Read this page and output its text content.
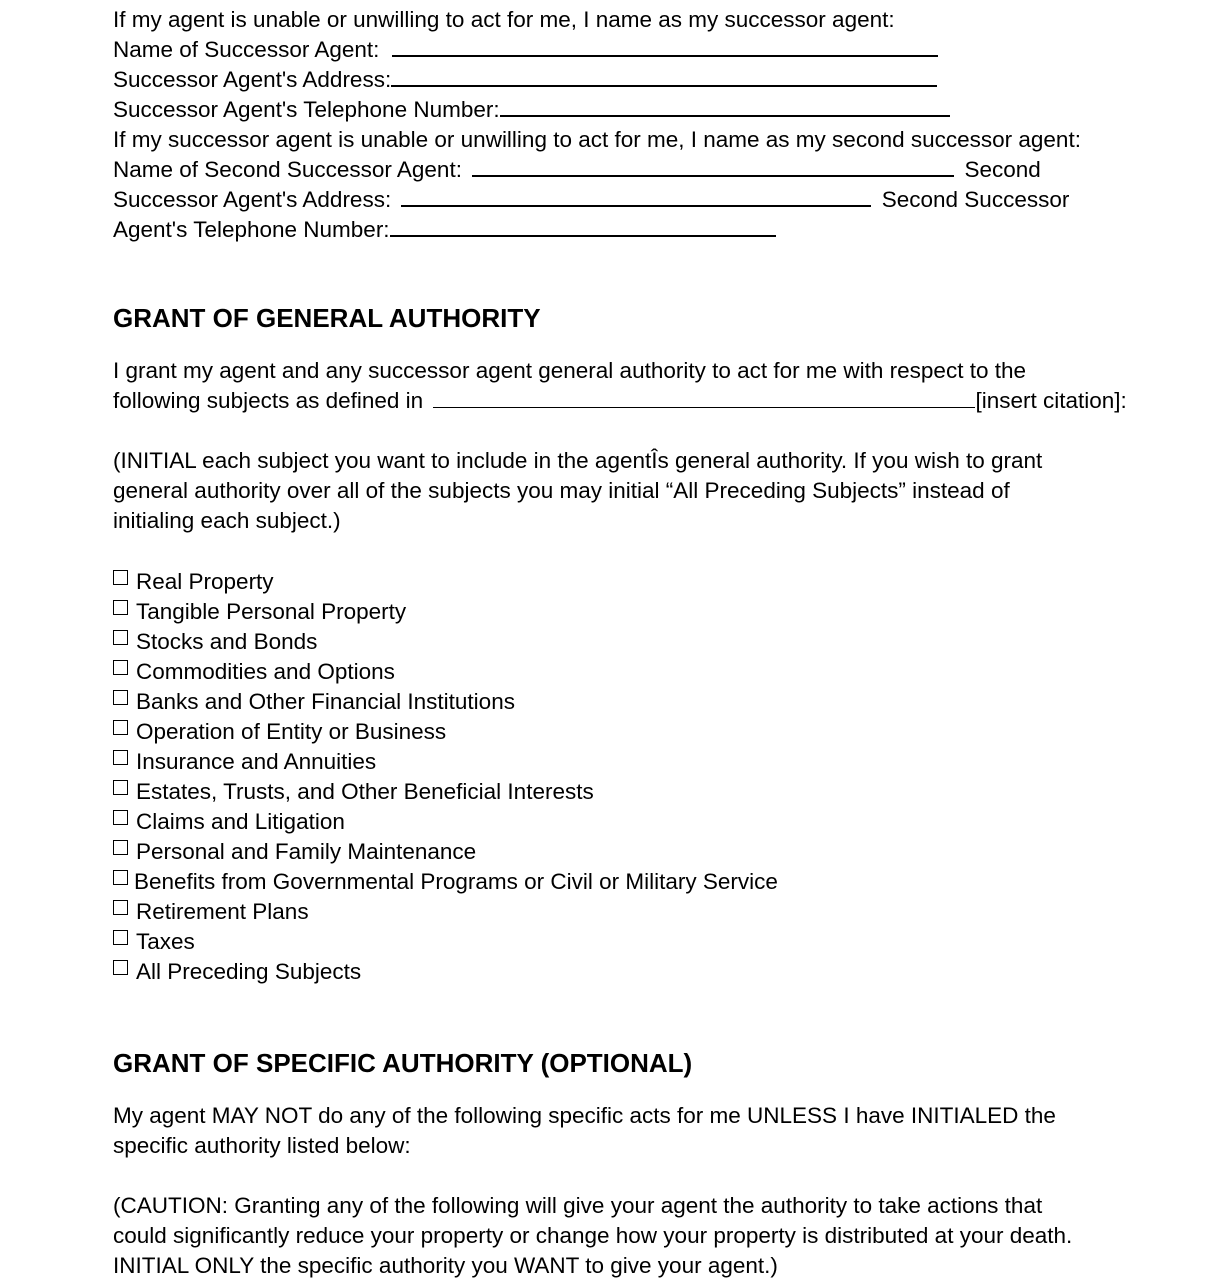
If my agent is unable or unwilling to act for me, I name as my successor agent:
Name of Successor Agent:
Successor Agent's Address:
Successor Agent's Telephone Number:
If my successor agent is unable or unwilling to act for me, I name as my second successor agent:
Name of Second Successor Agent:	Second
Successor Agent's Address:	Second Successor
Agent's Telephone Number:
GRANT OF GENERAL AUTHORITY
I grant my agent and any successor agent general authority to act for me with respect to the
following subjects as defined in	[insert citation]:
(INITIAL each subject you want to include in the agentÎs general authority. If you wish to grant
general authority over all of the subjects you may initial “All Preceding Subjects” instead of
initialing each subject.)
Real Property
Tangible Personal Property
Stocks and Bonds
Commodities and Options
Banks and Other Financial Institutions
Operation of Entity or Business
Insurance and Annuities
Estates, Trusts, and Other Beneficial Interests
Claims and Litigation
Personal and Family Maintenance
Benefits from Governmental Programs or Civil or Military Service
Retirement Plans
Taxes
All Preceding Subjects
GRANT OF SPECIFIC AUTHORITY (OPTIONAL)
My agent MAY NOT do any of the following specific acts for me UNLESS I have INITIALED the
specific authority listed below:
(CAUTION: Granting any of the following will give your agent the authority to take actions that
could significantly reduce your property or change how your property is distributed at your death.
INITIAL ONLY the specific authority you WANT to give your agent.)
